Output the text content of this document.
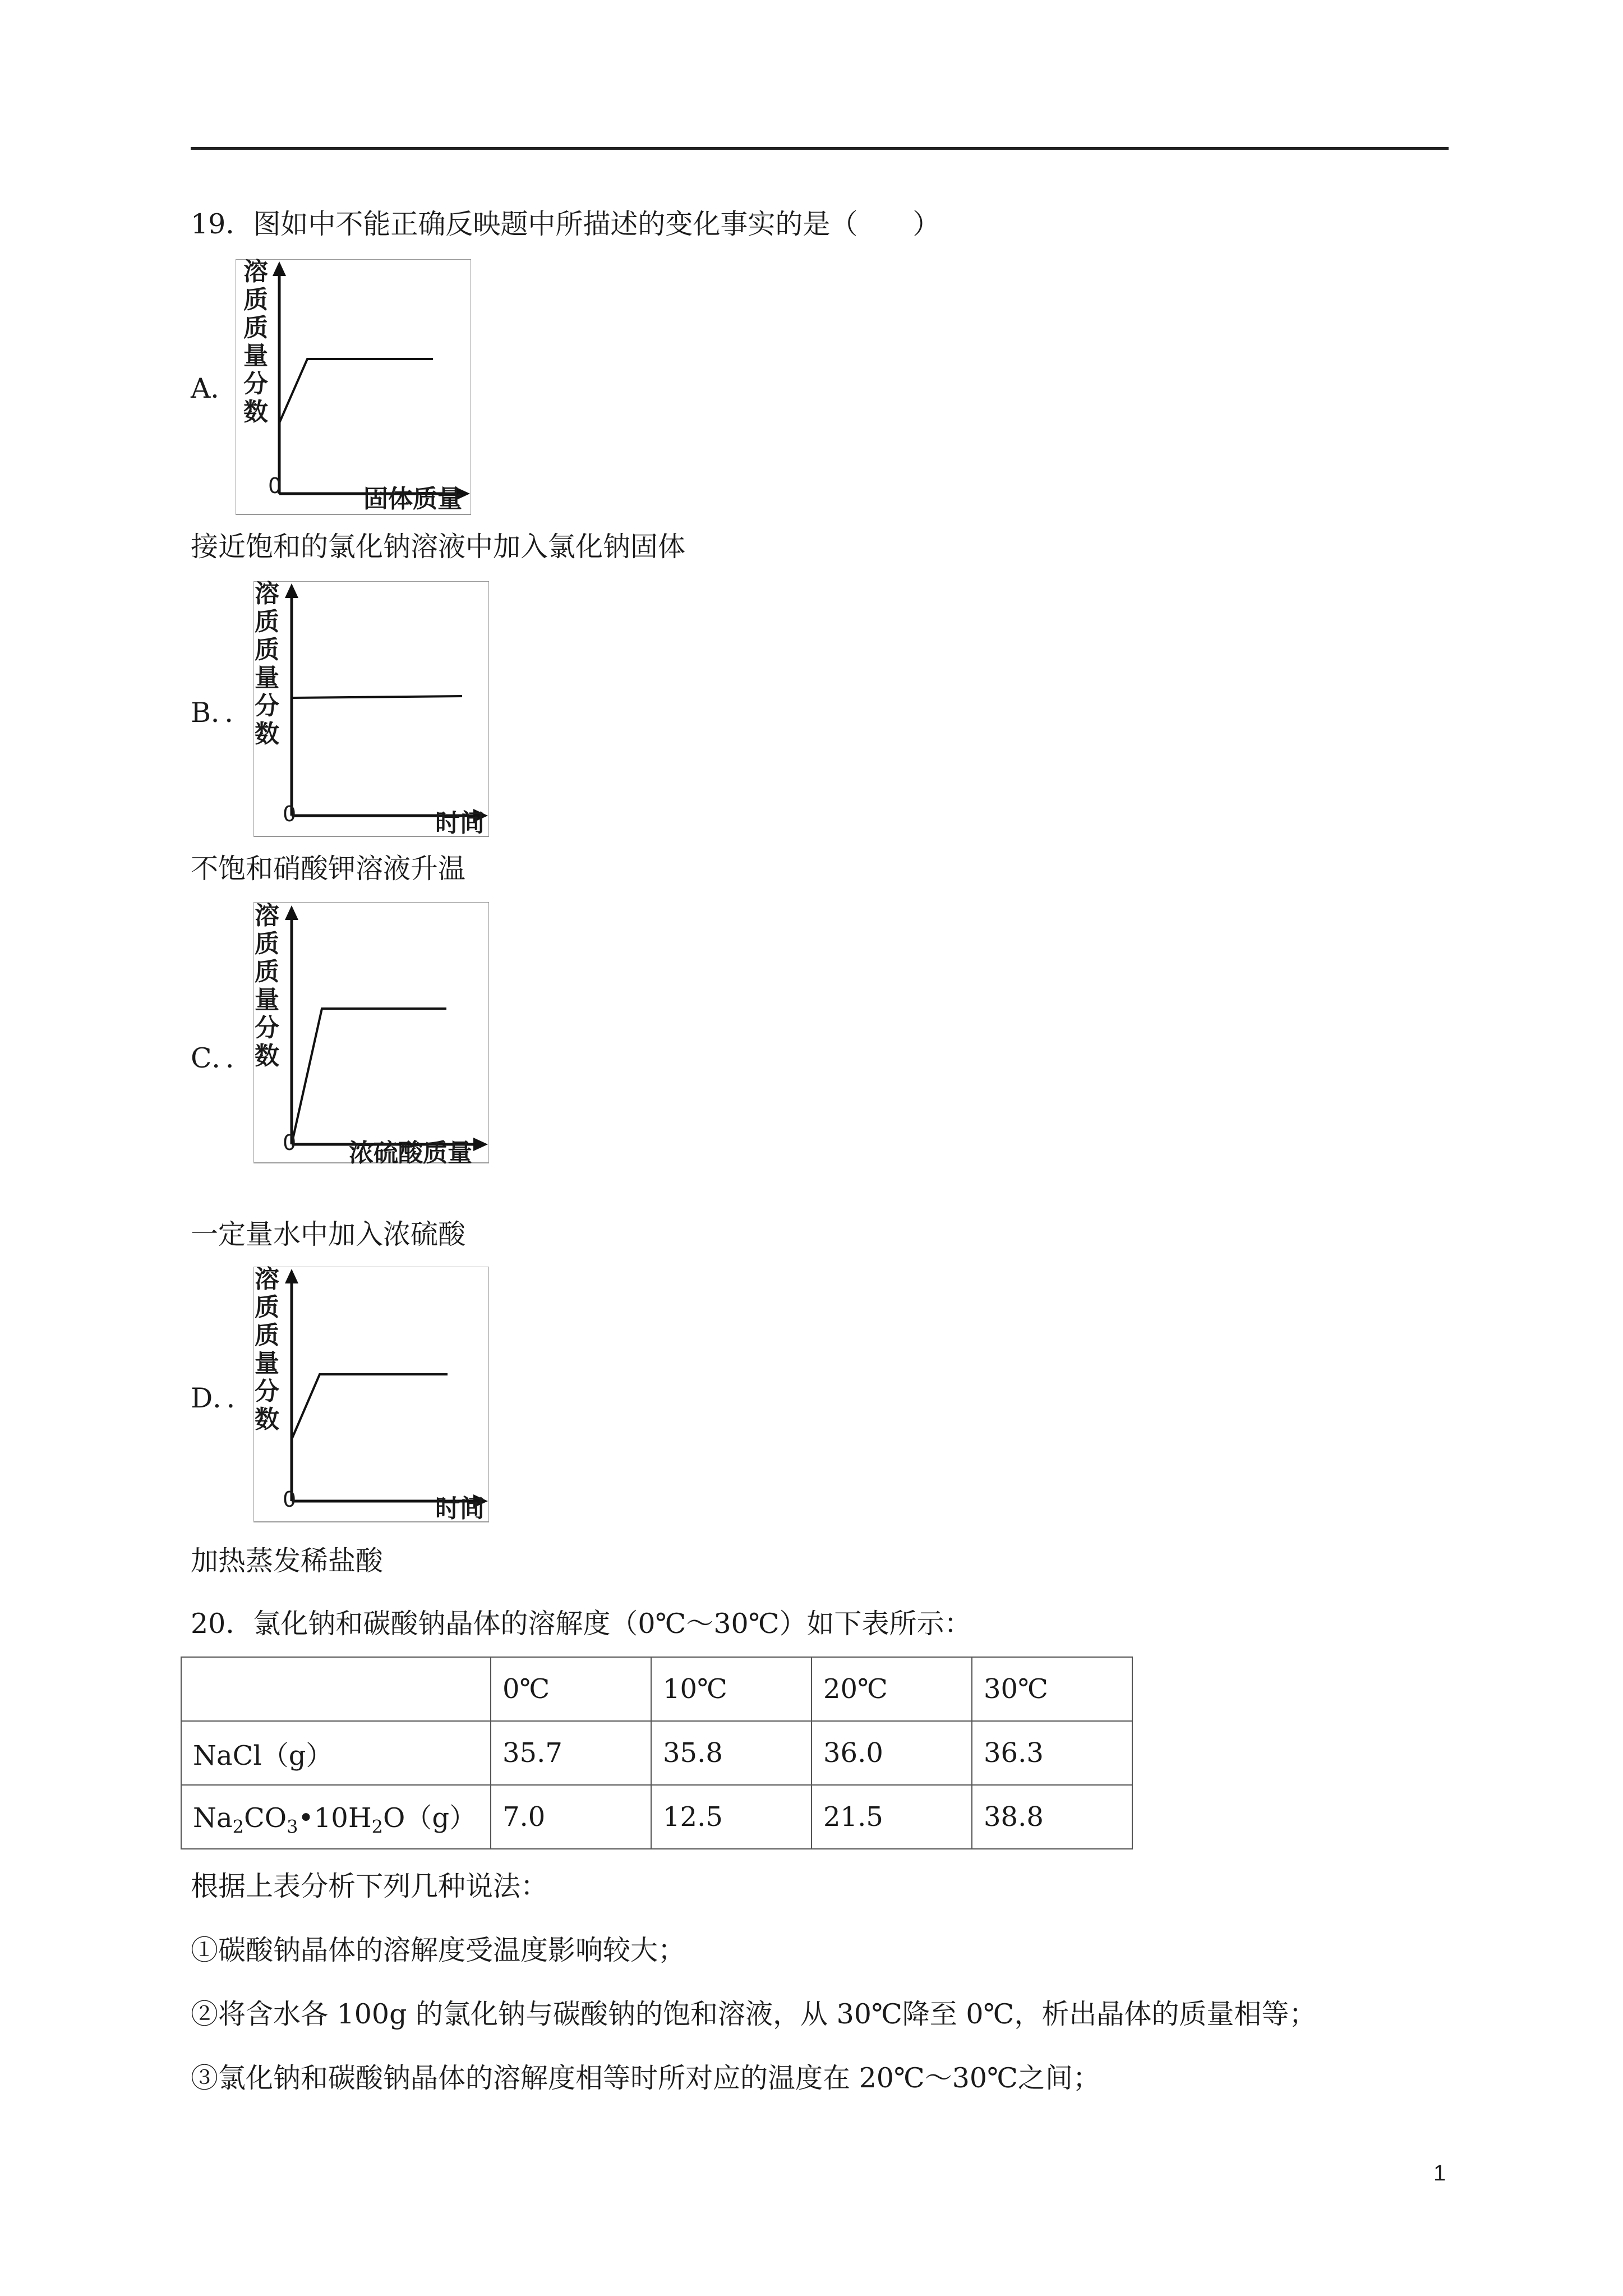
19．图如中不能正确反映题中所描述的变化事实的是（　　）
A．
溶
质
质
量
分
数
0	固体质量
接近饱和的氯化钠溶液中加入氯化钠固体
B．．
溶
质
质
量
分
数
0	时间
不饱和硝酸钾溶液升温
C．．
溶
质
质
量
分
数
0 浓硫酸质量
一定量水中加入浓硫酸
D．．
溶
质
质
量
分
数
0	时间
加热蒸发稀盐酸
20．氯化钠和碳酸钠晶体的溶解度（0℃～30℃）如下表所示：
	0℃	10℃	20℃	30℃
NaCl（g）	35.7	35.8	36.0	36.3
$Na_2CO_3•10H_2O(g)$	7.0	12.5	21.5	38.8
根据上表分析下列几种说法：
①碳酸钠晶体的溶解度受温度影响较大；
②将含水各 100g 的氯化钠与碳酸钠的饱和溶液，从 30℃降至 0℃，析出晶体的质量相等；
③氯化钠和碳酸钠晶体的溶解度相等时所对应的温度在 20℃～30℃之间；
1
